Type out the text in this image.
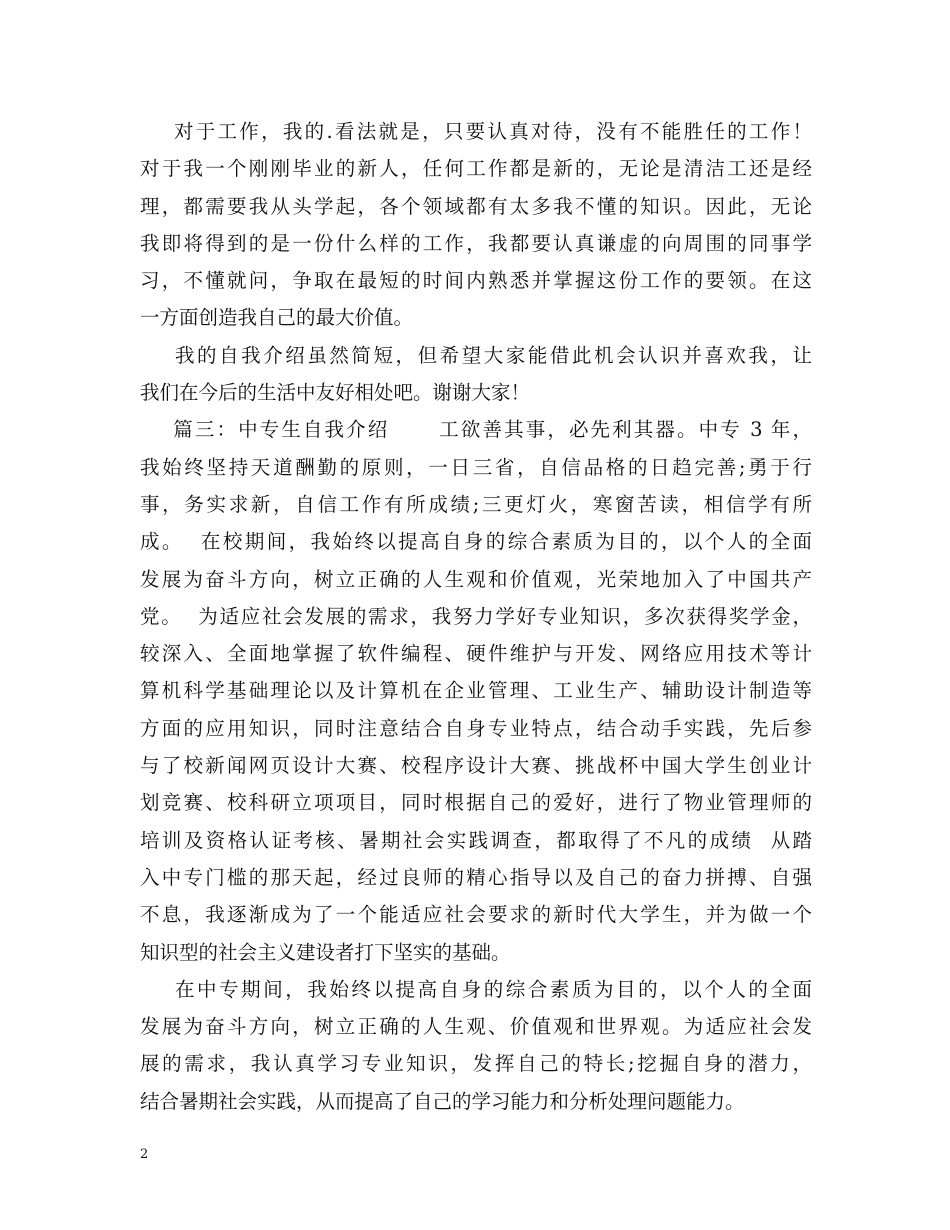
对于工作，我的.看法就是，只要认真对待，没有不能胜任的工作！
对于我一个刚刚毕业的新人，任何工作都是新的，无论是清洁工还是经
理，都需要我从头学起，各个领域都有太多我不懂的知识。因此，无论
我即将得到的是一份什么样的工作，我都要认真谦虚的向周围的同事学
习，不懂就问，争取在最短的时间内熟悉并掌握这份工作的要领。在这
一方面创造我自己的最大价值。
我的自我介绍虽然简短，但希望大家能借此机会认识并喜欢我，让
我们在今后的生活中友好相处吧。谢谢大家！
篇三：中专生自我介绍      工欲善其事，必先利其器。中专 3 年，
我始终坚持天道酬勤的原则，一日三省，自信品格的日趋完善;勇于行
事，务实求新，自信工作有所成绩;三更灯火，寒窗苦读，相信学有所
成。  在校期间，我始终以提高自身的综合素质为目的，以个人的全面
发展为奋斗方向，树立正确的人生观和价值观，光荣地加入了中国共产
党。  为适应社会发展的需求，我努力学好专业知识，多次获得奖学金，
较深入、全面地掌握了软件编程、硬件维护与开发、网络应用技术等计
算机科学基础理论以及计算机在企业管理、工业生产、辅助设计制造等
方面的应用知识，同时注意结合自身专业特点，结合动手实践，先后参
与了校新闻网页设计大赛、校程序设计大赛、挑战杯中国大学生创业计
划竞赛、校科研立项项目，同时根据自己的爱好，进行了物业管理师的
培训及资格认证考核、暑期社会实践调查，都取得了不凡的成绩  从踏
入中专门槛的那天起，经过良师的精心指导以及自己的奋力拼搏、自强
不息，我逐渐成为了一个能适应社会要求的新时代大学生，并为做一个
知识型的社会主义建设者打下坚实的基础。
在中专期间，我始终以提高自身的综合素质为目的，以个人的全面
发展为奋斗方向，树立正确的人生观、价值观和世界观。为适应社会发
展的需求，我认真学习专业知识，发挥自己的特长;挖掘自身的潜力，
结合暑期社会实践，从而提高了自己的学习能力和分析处理问题能力。
2
